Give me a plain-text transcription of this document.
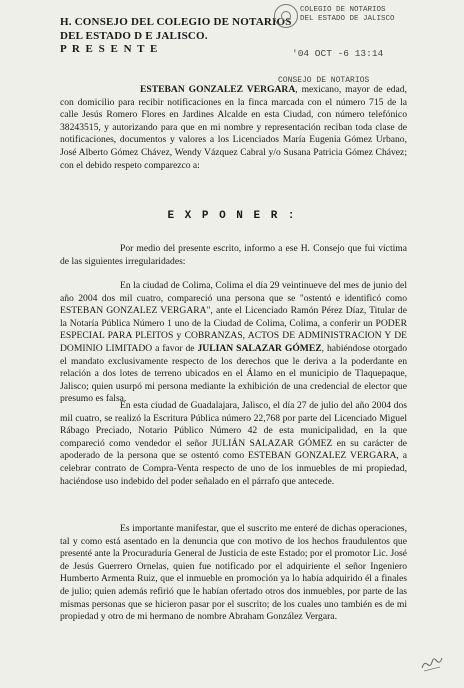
H. CONSEJO DEL COLEGIO DE NOTARIOS
DEL ESTADO D E JALISCO.
P R E S E N T E
COLEGIO DE NOTARIOS
DEL ESTADO DE JALISCO
'04 OCT -6 13:14
CONSEJO DE NOTARIOS
ESTEBAN GONZALEZ VERGARA, mexicano, mayor de edad, con domicilio para recibir notificaciones en la finca marcada con el número 715 de la calle Jesús Romero Flores en Jardines Alcalde en esta Ciudad, con número telefónico 38243515, y autorizando para que en mi nombre y representación reciban toda clase de notificaciones, documentos y valores a los Licenciados María Eugenia Gómez Urbano, José Alberto Gómez Chávez, Wendy Vázquez Cabral y/o Susana Patricia Gómez Chávez; con el debido respeto comparezco a:
E X P O N E R :
Por medio del presente escrito, informo a ese H. Consejo que fui víctima de las siguientes irregularidades:
En la ciudad de Colima, Colima el día 29 veintinueve del mes de junio del año 2004 dos mil cuatro, compareció una persona que se "ostentó e identificó como ESTEBAN GONZALEZ VERGARA", ante el Licenciado Ramón Pérez Díaz, Titular de la Notaría Pública Número 1 uno de la Ciudad de Colima, Colima, a conferir un PODER ESPECIAL PARA PLEITOS y COBRANZAS, ACTOS DE ADMINISTRACION Y DE DOMINIO LIMITADO a favor de JULIAN SALAZAR GÓMEZ, habiéndose otorgado el mandato exclusivamente respecto de los derechos que le deriva a la poderdante en relación a dos lotes de terreno ubicados en el Álamo en el municipio de Tlaquepaque, Jalisco; quien usurpó mi persona mediante la exhibición de una credencial de elector que presumo es falsa.
En esta ciudad de Guadalajara, Jalisco, el día 27 de julio del año 2004 dos mil cuatro, se realizó la Escritura Pública número 22,768 por parte del Licenciado Miguel Rábago Preciado, Notario Público Número 42 de esta municipalidad, en la que compareció como vendedor el señor JULIÁN SALAZAR GÓMEZ en su carácter de apoderado de la persona que se ostentó como ESTEBAN GONZALEZ VERGARA, a celebrar contrato de Compra-Venta respecto de uno de los inmuebles de mi propiedad, haciéndose uso indebido del poder señalado en el párrafo que antecede.
Es importante manifestar, que el suscrito me enteré de dichas operaciones, tal y como está asentado en la denuncia que con motivo de los hechos fraudulentos que presenté ante la Procuraduría General de Justicia de este Estado; por el promotor Lic. José de Jesús Guerrero Ornelas, quien fue notificado por el adquiriente el señor Ingeniero Humberto Armenta Ruiz, que el inmueble en promoción ya lo había adquirido él a finales de julio; quien además refirió que le habían ofertado otros dos inmuebles, por parte de las mismas personas que se hicieron pasar por el suscrito; de los cuales uno también es de mi propiedad y otro de mi hermano de nombre Abraham González Vergara.
